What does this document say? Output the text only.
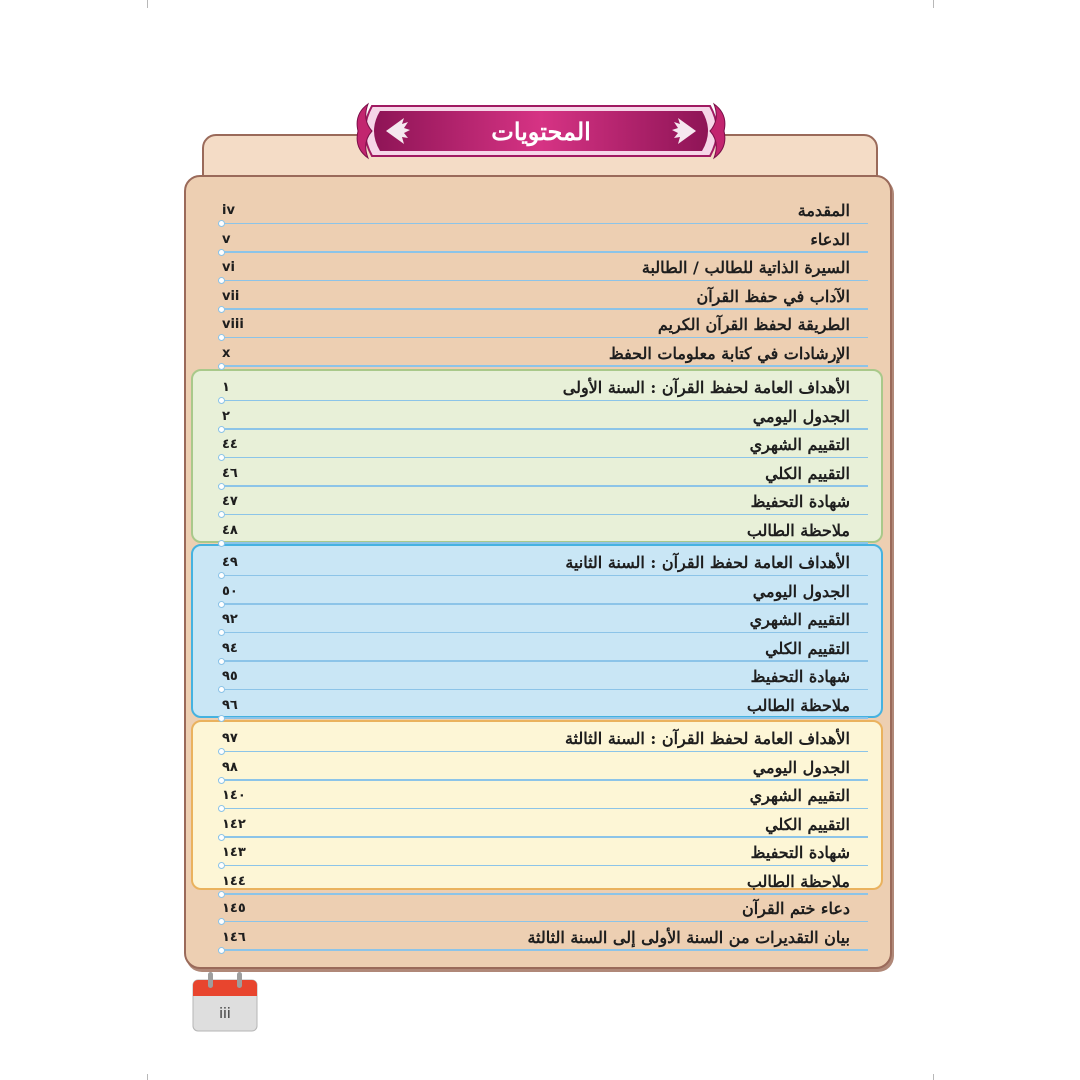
المحتويات
المقدمة
iv
الدعاء
v
السيرة الذاتية للطالب / الطالبة
vi
الآداب في حفظ القرآن
vii
الطريقة لحفظ القرآن الكريم
viii
الإرشادات في كتابة معلومات الحفظ
x
الأهداف العامة لحفظ القرآن : السنة الأولى
١
الجدول اليومي
٢
التقييم الشهري
٤٤
التقييم الكلي
٤٦
شهادة التحفيظ
٤٧
ملاحظة الطالب
٤٨
الأهداف العامة لحفظ القرآن : السنة الثانية
٤٩
الجدول اليومي
٥٠
التقييم الشهري
٩٢
التقييم الكلي
٩٤
شهادة التحفيظ
٩٥
ملاحظة الطالب
٩٦
الأهداف العامة لحفظ القرآن : السنة الثالثة
٩٧
الجدول اليومي
٩٨
التقييم الشهري
١٤٠
التقييم الكلي
١٤٢
شهادة التحفيظ
١٤٣
ملاحظة الطالب
١٤٤
دعاء ختم القرآن
١٤٥
بيان التقديرات من السنة الأولى إلى السنة الثالثة
١٤٦
iii
